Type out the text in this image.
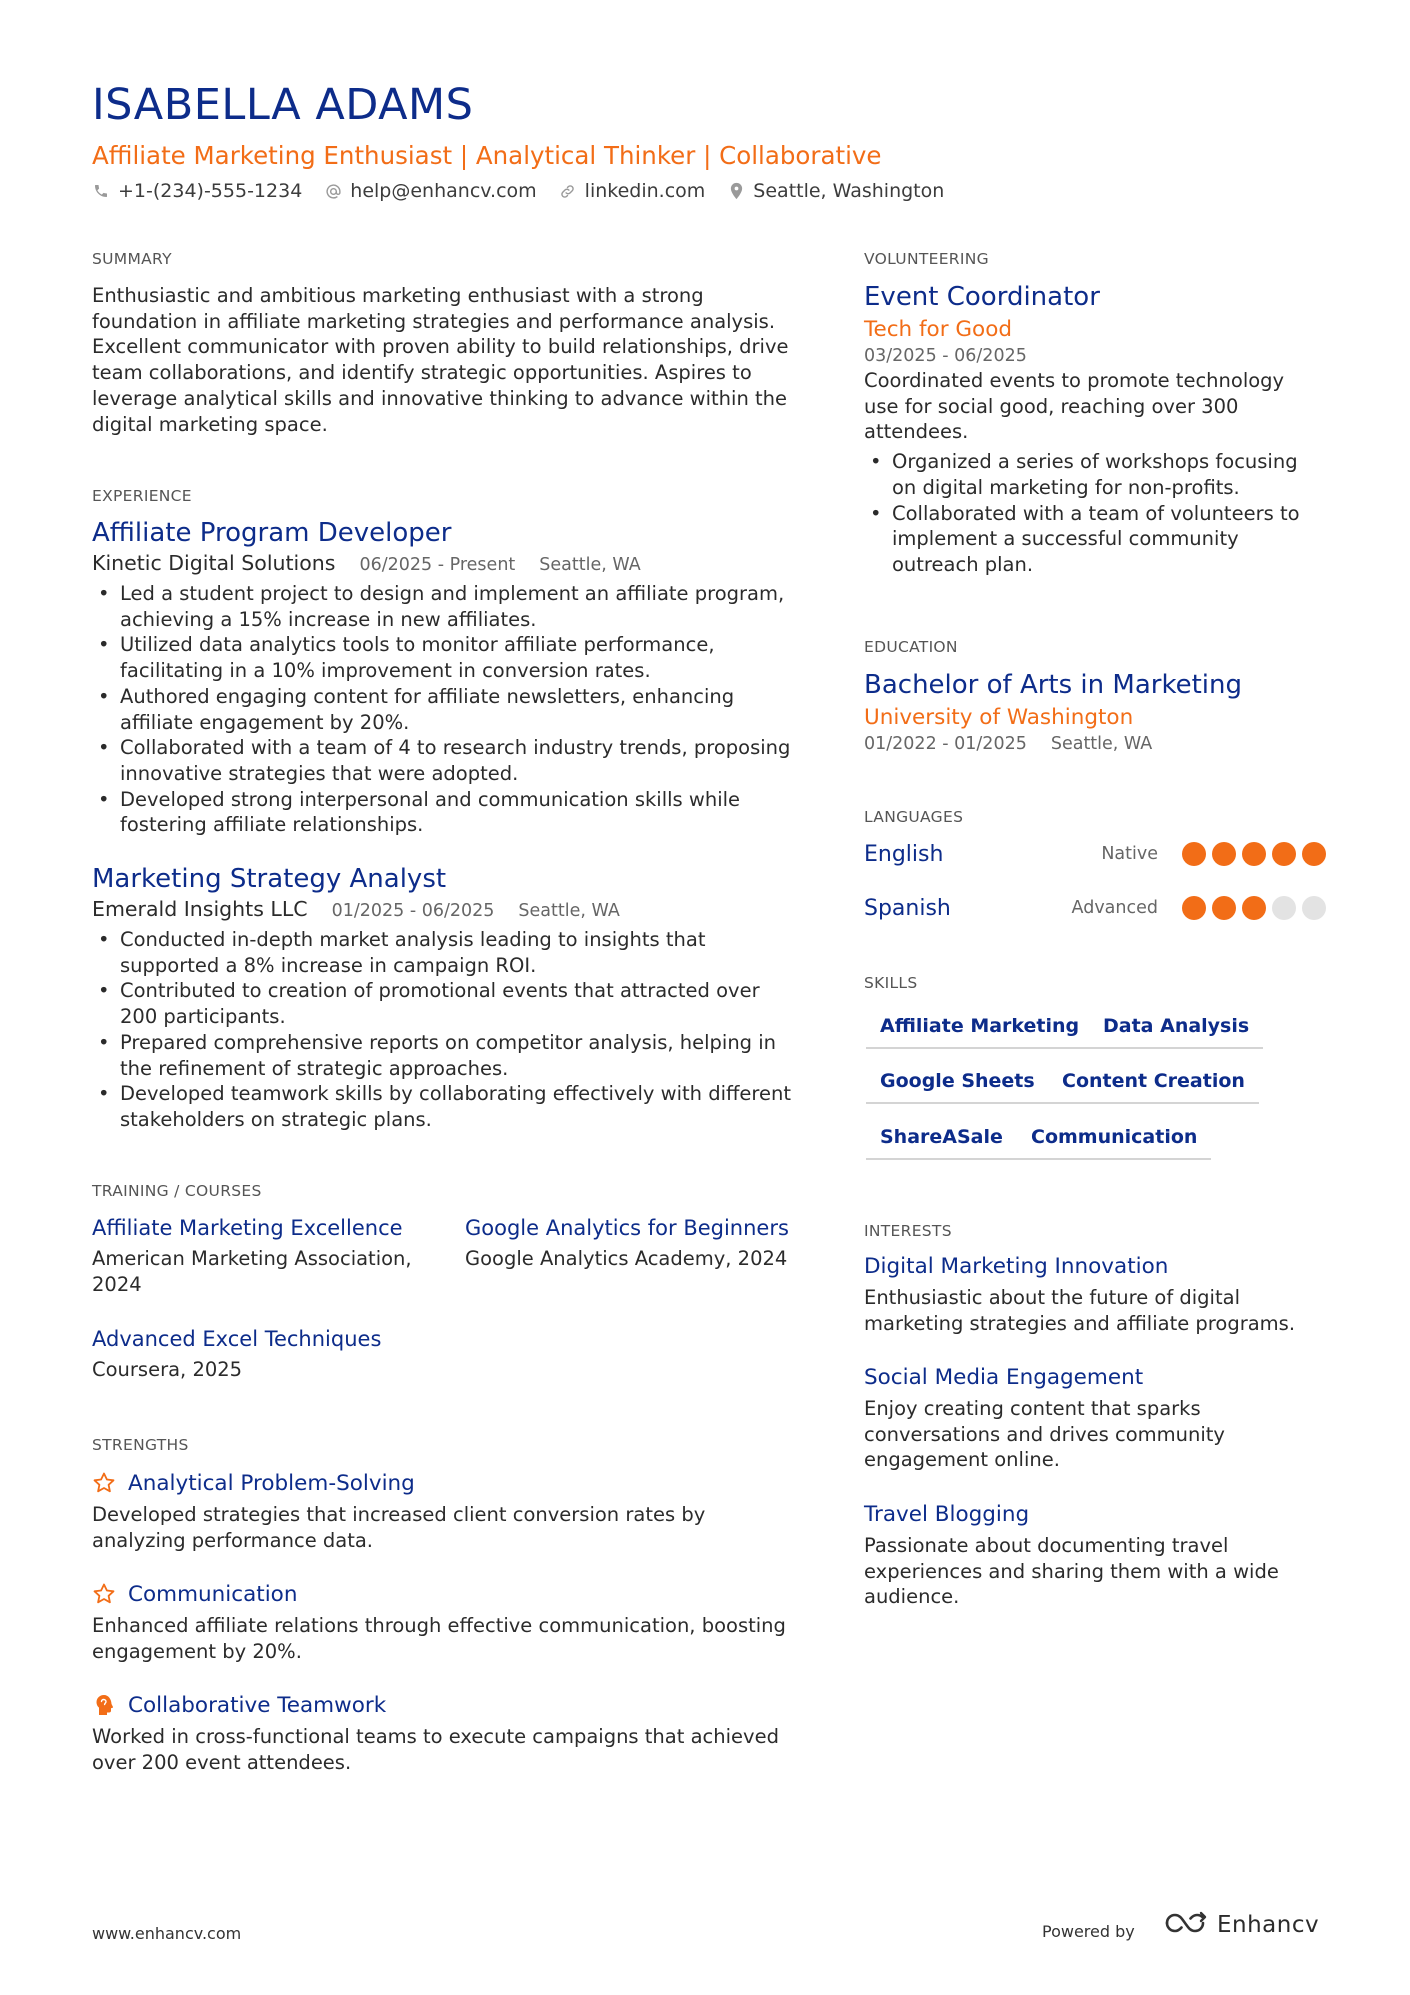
ISABELLA ADAMS
Affiliate Marketing Enthusiast | Analytical Thinker | Collaborative
+1-(234)-555-1234	help@enhancv.com	linkedin.com	Seattle, Washington
SUMMARY
Enthusiastic and ambitious marketing enthusiast with a strong foundation in affiliate marketing strategies and performance analysis. Excellent communicator with proven ability to build relationships, drive team collaborations, and identify strategic opportunities. Aspires to leverage analytical skills and innovative thinking to advance within the digital marketing space.
EXPERIENCE
Affiliate Program Developer
Kinetic Digital Solutions 06/2025 - Present Seattle, WA
• Led a student project to design and implement an affiliate program, achieving a 15% increase in new affiliates.
• Utilized data analytics tools to monitor affiliate performance, facilitating in a 10% improvement in conversion rates.
• Authored engaging content for affiliate newsletters, enhancing affiliate engagement by 20%.
• Collaborated with a team of 4 to research industry trends, proposing innovative strategies that were adopted.
• Developed strong interpersonal and communication skills while fostering affiliate relationships.
Marketing Strategy Analyst
Emerald Insights LLC 01/2025 - 06/2025 Seattle, WA
• Conducted in-depth market analysis leading to insights that supported a 8% increase in campaign ROI.
• Contributed to creation of promotional events that attracted over 200 participants.
• Prepared comprehensive reports on competitor analysis, helping in the refinement of strategic approaches.
• Developed teamwork skills by collaborating effectively with different stakeholders on strategic plans.
TRAINING / COURSES
Affiliate Marketing Excellence
American Marketing Association, 2024
Google Analytics for Beginners
Google Analytics Academy, 2024
Advanced Excel Techniques
Coursera, 2025
STRENGTHS
Analytical Problem-Solving
Developed strategies that increased client conversion rates by analyzing performance data.
Communication
Enhanced affiliate relations through effective communication, boosting engagement by 20%.
Collaborative Teamwork
Worked in cross-functional teams to execute campaigns that achieved over 200 event attendees.
VOLUNTEERING
Event Coordinator
Tech for Good
03/2025 - 06/2025
Coordinated events to promote technology use for social good, reaching over 300 attendees.
• Organized a series of workshops focusing on digital marketing for non-profits.
• Collaborated with a team of volunteers to implement a successful community outreach plan.
EDUCATION
Bachelor of Arts in Marketing
University of Washington
01/2022 - 01/2025 Seattle, WA
LANGUAGES
English	Native
Spanish	Advanced
SKILLS
Affiliate Marketing	Data Analysis
Google Sheets	Content Creation
ShareASale	Communication
INTERESTS
Digital Marketing Innovation
Enthusiastic about the future of digital marketing strategies and affiliate programs.
Social Media Engagement
Enjoy creating content that sparks conversations and drives community engagement online.
Travel Blogging
Passionate about documenting travel experiences and sharing them with a wide audience.
www.enhancv.com	Powered by	Enhancv
